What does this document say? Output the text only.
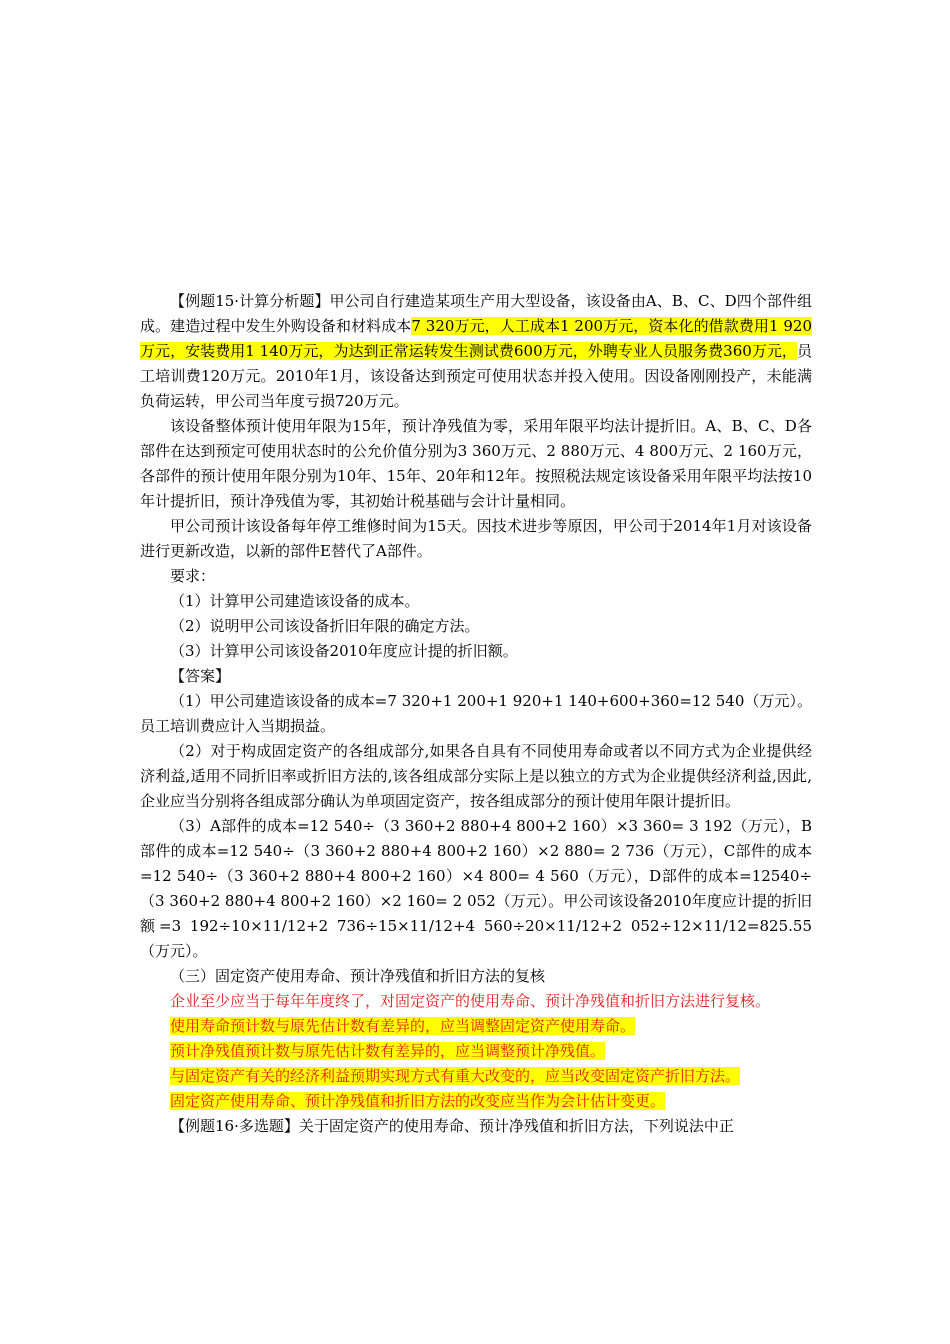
【例题15·计算分析题】甲公司自行建造某项生产用大型设备，该设备由A、B、C、D四个部件组成。建造过程中发生外购设备和材料成本7 320万元，人工成本1 200万元，资本化的借款费用1 920万元，安装费用1 140万元，为达到正常运转发生测试费600万元，外聘专业人员服务费360万元，员工培训费120万元。2010年1月，该设备达到预定可使用状态并投入使用。因设备刚刚投产，未能满负荷运转，甲公司当年度亏损720万元。

该设备整体预计使用年限为15年，预计净残值为零，采用年限平均法计提折旧。A、B、C、D各部件在达到预定可使用状态时的公允价值分别为3 360万元、2 880万元、4 800万元、2 160万元，各部件的预计使用年限分别为10年、15年、20年和12年。按照税法规定该设备采用年限平均法按10年计提折旧，预计净残值为零，其初始计税基础与会计计量相同。

甲公司预计该设备每年停工维修时间为15天。因技术进步等原因，甲公司于2014年1月对该设备进行更新改造，以新的部件E替代了A部件。

要求：

（1）计算甲公司建造该设备的成本。

（2）说明甲公司该设备折旧年限的确定方法。

（3）计算甲公司该设备2010年度应计提的折旧额。

【答案】

（1）甲公司建造该设备的成本=7 320+1 200+1 920+1 140+600+360=12 540（万元）。员工培训费应计入当期损益。

（2）对于构成固定资产的各组成部分,如果各自具有不同使用寿命或者以不同方式为企业提供经济利益,适用不同折旧率或折旧方法的,该各组成部分实际上是以独立的方式为企业提供经济利益,因此,企业应当分别将各组成部分确认为单项固定资产，按各组成部分的预计使用年限计提折旧。

（3）A部件的成本=12 540÷（3 360+2 880+4 800+2 160）×3 360= 3 192（万元），B部件的成本=12 540÷（3 360+2 880+4 800+2 160）×2 880= 2 736（万元），C部件的成本=12 540÷（3 360+2 880+4 800+2 160）×4 800= 4 560（万元），D部件的成本=12540÷（3 360+2 880+4 800+2 160）×2 160= 2 052（万元）。甲公司该设备2010年度应计提的折旧额=3 192÷10×11/12+2 736÷15×11/12+4 560÷20×11/12+2 052÷12×11/12=825.55（万元）。

（三）固定资产使用寿命、预计净残值和折旧方法的复核

企业至少应当于每年年度终了，对固定资产的使用寿命、预计净残值和折旧方法进行复核。

使用寿命预计数与原先估计数有差异的，应当调整固定资产使用寿命。

预计净残值预计数与原先估计数有差异的，应当调整预计净残值。

与固定资产有关的经济利益预期实现方式有重大改变的，应当改变固定资产折旧方法。

固定资产使用寿命、预计净残值和折旧方法的改变应当作为会计估计变更。

【例题16·多选题】关于固定资产的使用寿命、预计净残值和折旧方法，下列说法中正
